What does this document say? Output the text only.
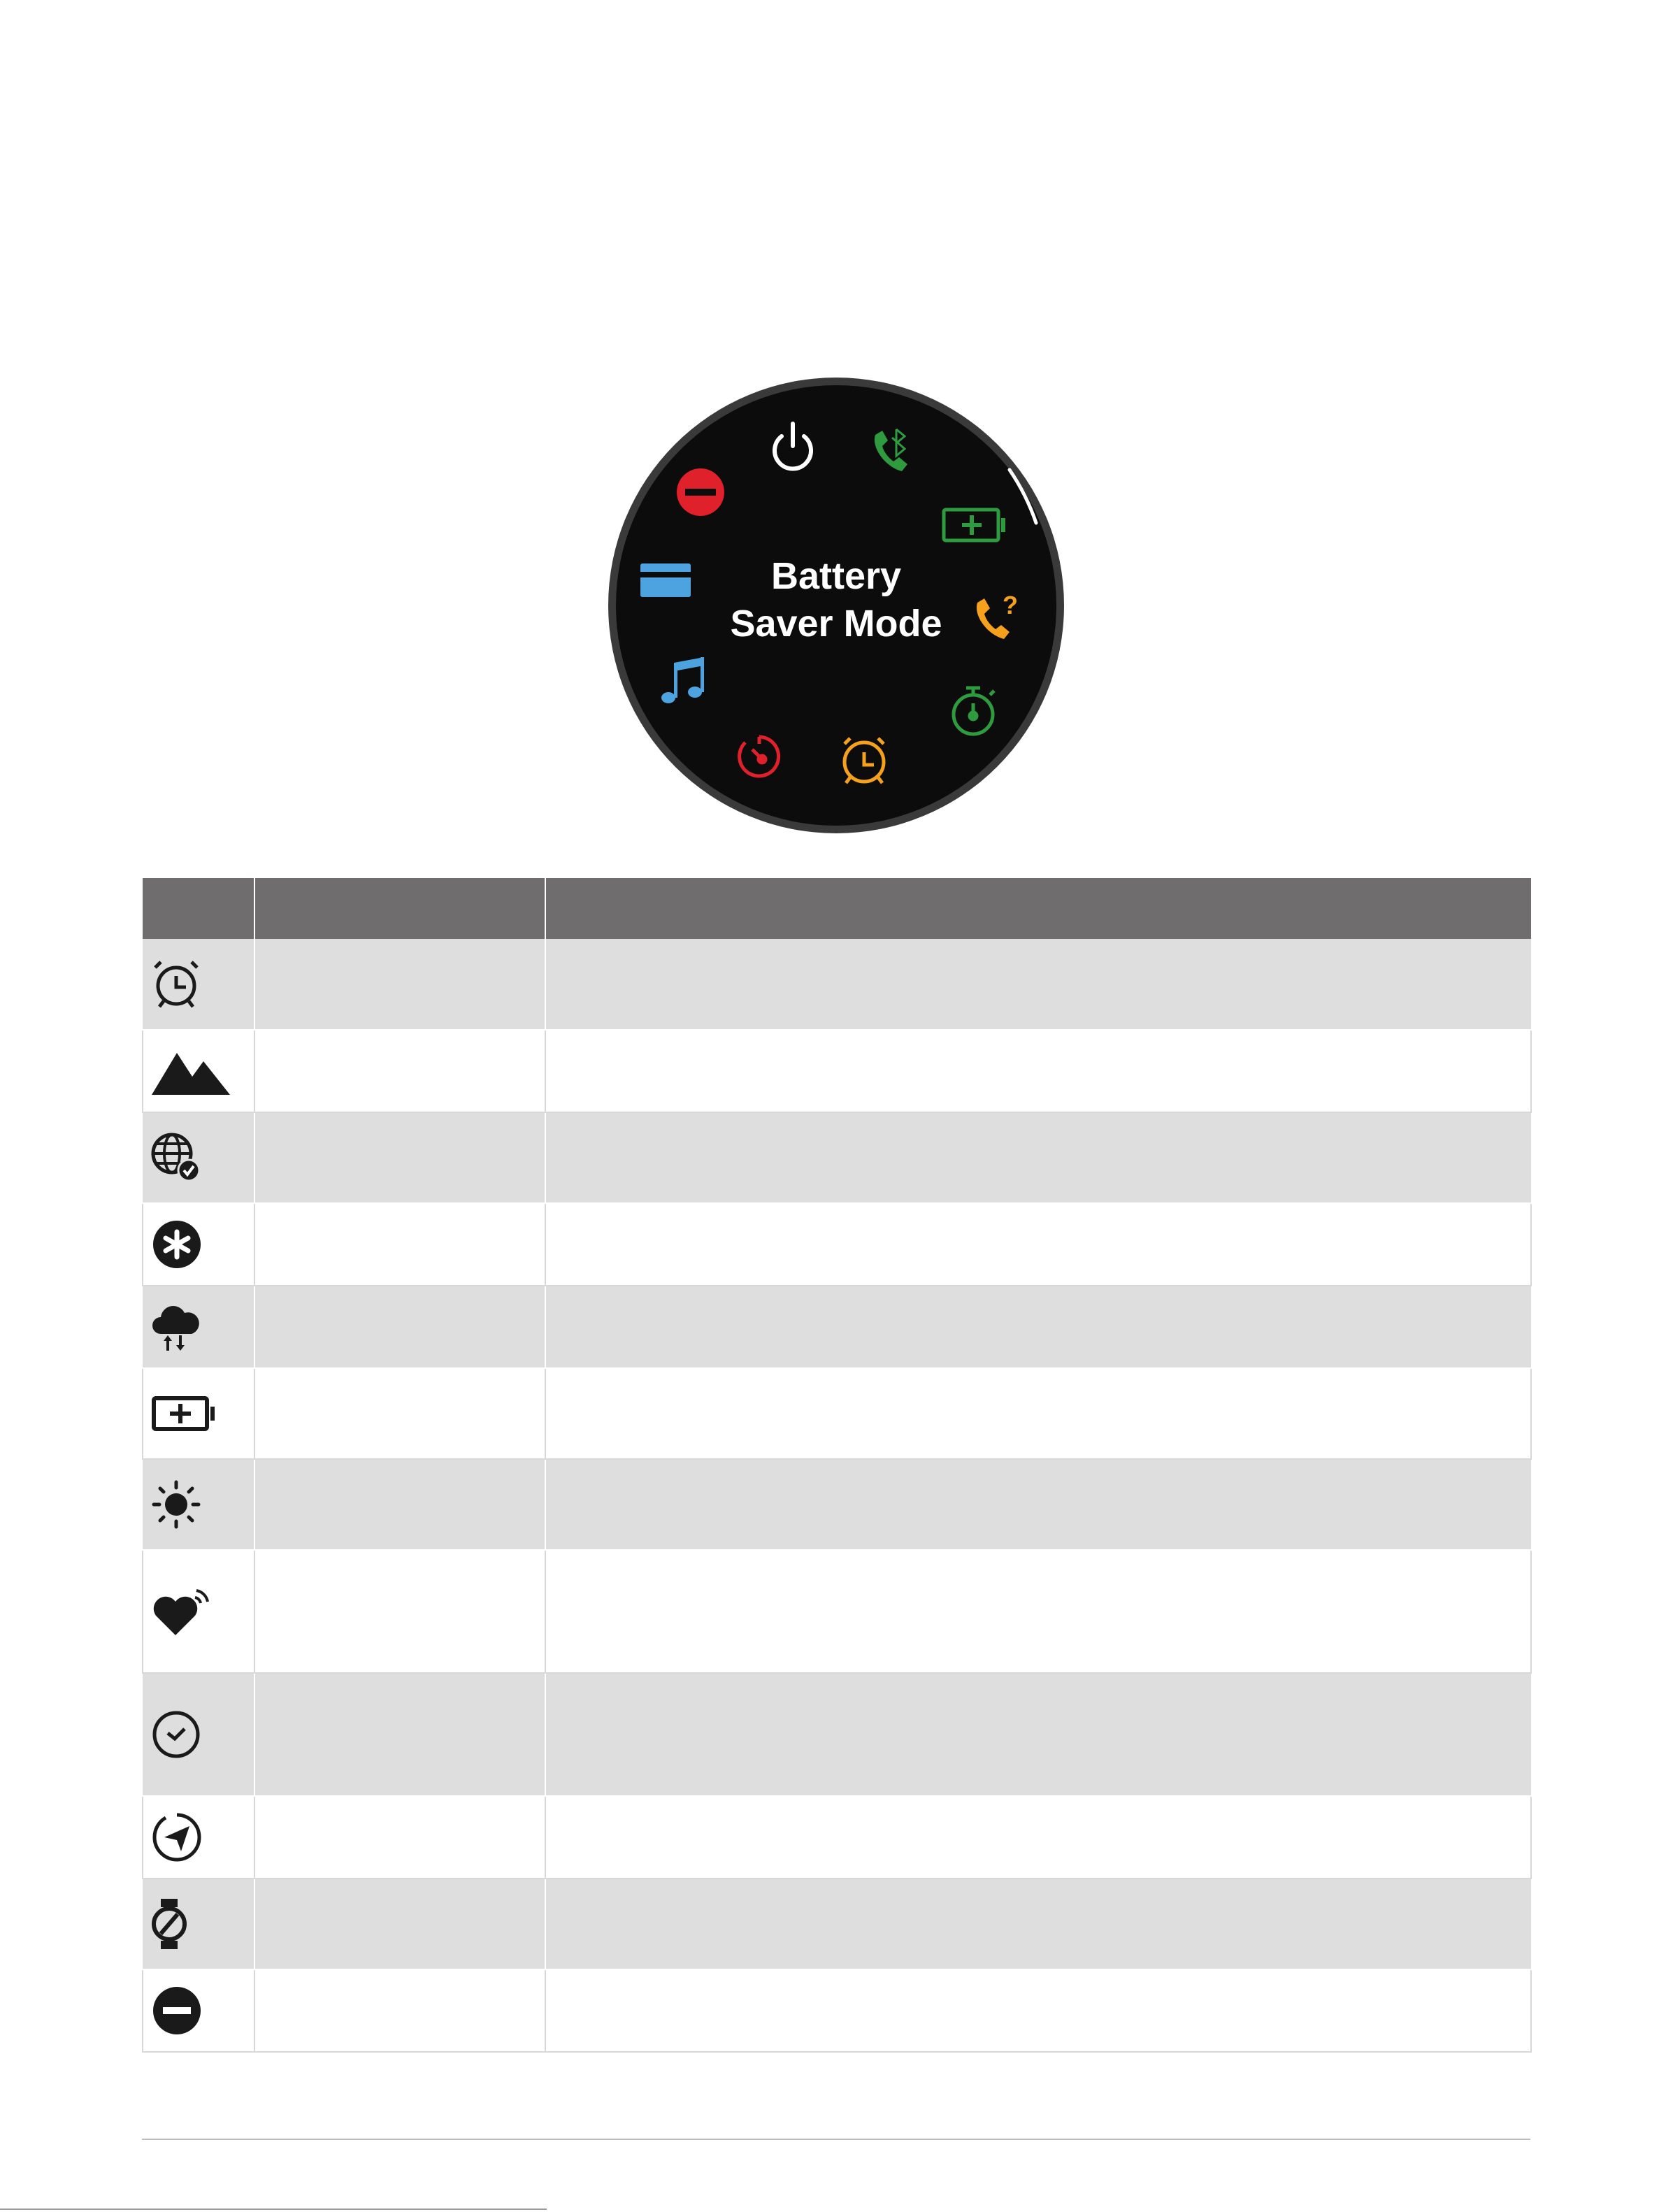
Battery
Saver Mode ?
